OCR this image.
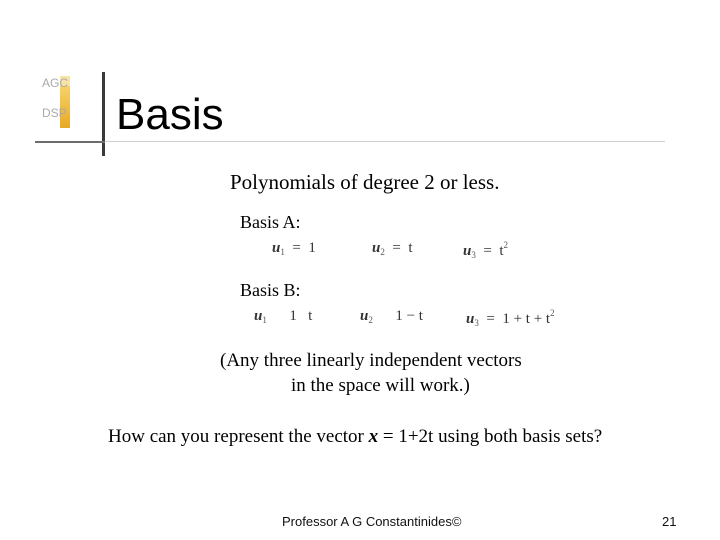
AGC
DSP Basis
Polynomials of degree 2 or less.
Basis A:
$u_1 = 1$	$u_2 = t$	$u_3 = t^2$
Basis B:
$u_1$ 1   t	$u_2$ 1 − t	$u_3 = 1 + t + t^2$
(Any three linearly independent vectors
in the space will work.)
How can you represent the vector x = 1+2t using both basis sets?
Professor A G Constantinides©	21
